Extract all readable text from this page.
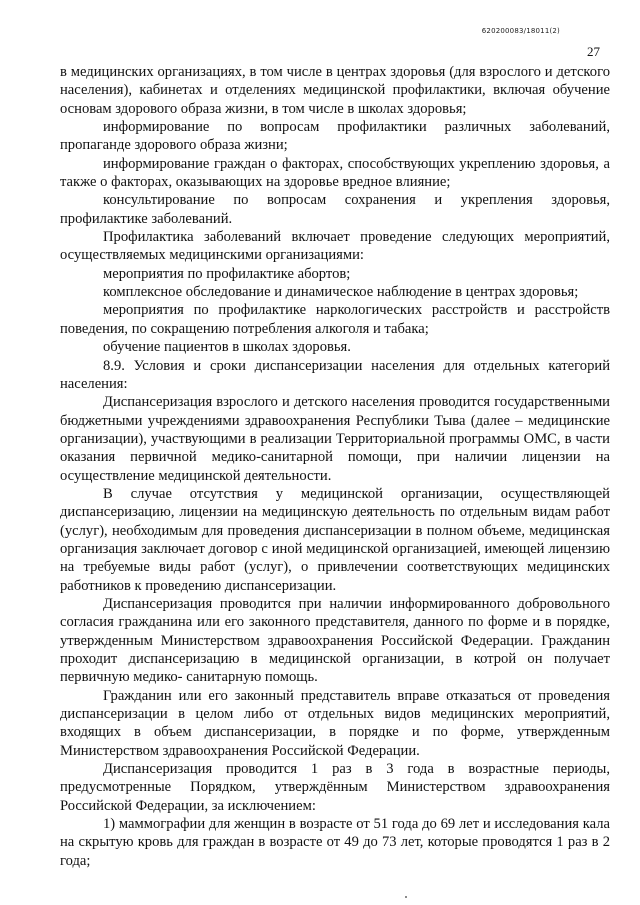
620200083/18011(2)
27

в медицинских организациях, в том числе в центрах здоровья (для взрослого и детского населения), кабинетах и отделениях медицинской профилактики, включая обучение основам здорового образа жизни, в том числе в школах здоровья;

информирование по вопросам профилактики различных заболеваний, пропаганде здорового образа жизни;

информирование граждан о факторах, способствующих укреплению здоровья, а также о факторах, оказывающих на здоровье вредное влияние;

консультирование по вопросам сохранения и укрепления здоровья, профилактике заболеваний.

Профилактика заболеваний включает проведение следующих мероприятий, осуществляемых медицинскими организациями:

мероприятия по профилактике абортов;

комплексное обследование и динамическое наблюдение в центрах здоровья;

мероприятия по профилактике наркологических расстройств и расстройств поведения, по сокращению потребления алкоголя и табака;

обучение пациентов в школах здоровья.

8.9. Условия и сроки диспансеризации населения для отдельных категорий населения:

Диспансеризация взрослого и детского населения проводится государственными бюджетными учреждениями здравоохранения Республики Тыва (далее – медицинские организации), участвующими в реализации Территориальной программы ОМС, в части оказания первичной медико-санитарной помощи, при наличии лицензии на осуществление медицинской деятельности.

В случае отсутствия у медицинской организации, осуществляющей диспансеризацию, лицензии на медицинскую деятельность по отдельным видам работ (услуг), необходимым для проведения диспансеризации в полном объеме, медицинская организация заключает договор с иной медицинской организацией, имеющей лицензию на требуемые виды работ (услуг), о привлечении соответствующих медицинских работников к проведению диспансеризации.

Диспансеризация проводится при наличии информированного добровольного согласия гражданина или его законного представителя, данного по форме и в порядке, утвержденным Министерством здравоохранения Российской Федерации. Гражданин проходит диспансеризацию в медицинской организации, в котрой он получает первичную медико- санитарную помощь.

Гражданин или его законный представитель вправе отказаться от проведения диспансеризации в целом либо от отдельных видов медицинских мероприятий, входящих в объем диспансеризации, в порядке и по форме, утвержденным Министерством здравоохранения Российской Федерации.

Диспансеризация проводится 1 раз в 3 года в возрастные периоды, предусмотренные Порядком, утверждённым Министерством здравоохранения Российской Федерации, за исключением:

1) маммографии для женщин в возрасте от 51 года до 69 лет и исследования кала на скрытую кровь для граждан в возрасте от 49 до 73 лет, которые проводятся 1 раз в 2 года;
